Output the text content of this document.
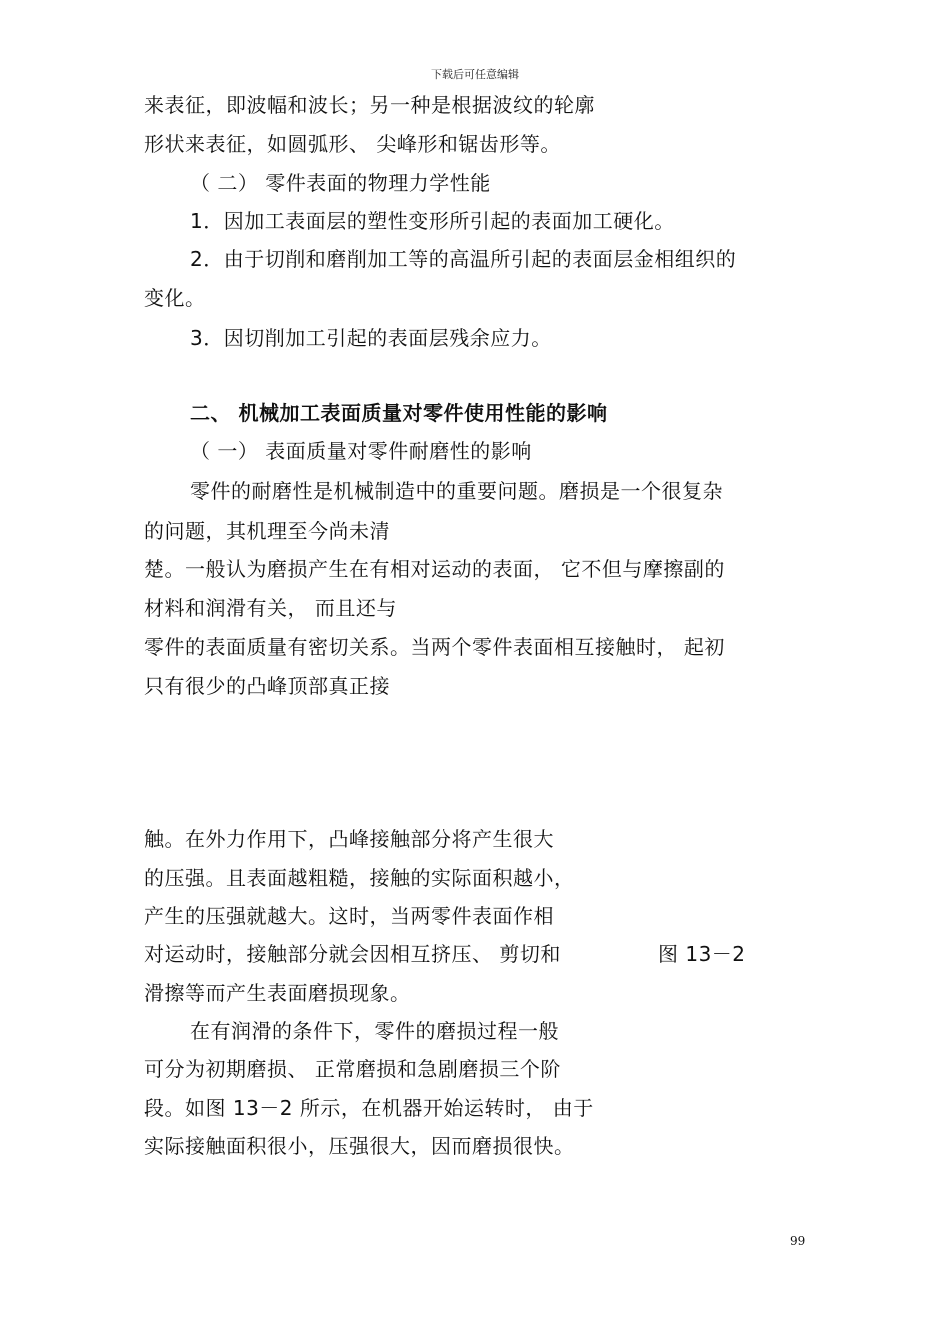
下载后可任意编辑
来表征，即波幅和波长；另一种是根据波纹的轮廓
形状来表征，如圆弧形、 尖峰形和锯齿形等。
（ 二） 零件表面的物理力学性能
1．因加工表面层的塑性变形所引起的表面加工硬化。
2．由于切削和磨削加工等的高温所引起的表面层金相组织的
变化。
3．因切削加工引起的表面层残余应力。
二、 机械加工表面质量对零件使用性能的影响
（ 一） 表面质量对零件耐磨性的影响
零件的耐磨性是机械制造中的重要问题。磨损是一个很复杂
的问题，其机理至今尚未清
楚。一般认为磨损产生在有相对运动的表面， 它不但与摩擦副的
材料和润滑有关， 而且还与
零件的表面质量有密切关系。当两个零件表面相互接触时， 起初
只有很少的凸峰顶部真正接
触。在外力作用下，凸峰接触部分将产生很大
的压强。且表面越粗糙，接触的实际面积越小，
产生的压强就越大。这时，当两零件表面作相
对运动时，接触部分就会因相互挤压、 剪切和	图 13－2
滑擦等而产生表面磨损现象。
在有润滑的条件下，零件的磨损过程一般
可分为初期磨损、 正常磨损和急剧磨损三个阶
段。如图 13－2 所示，在机器开始运转时， 由于
实际接触面积很小，压强很大，因而磨损很快。
99
